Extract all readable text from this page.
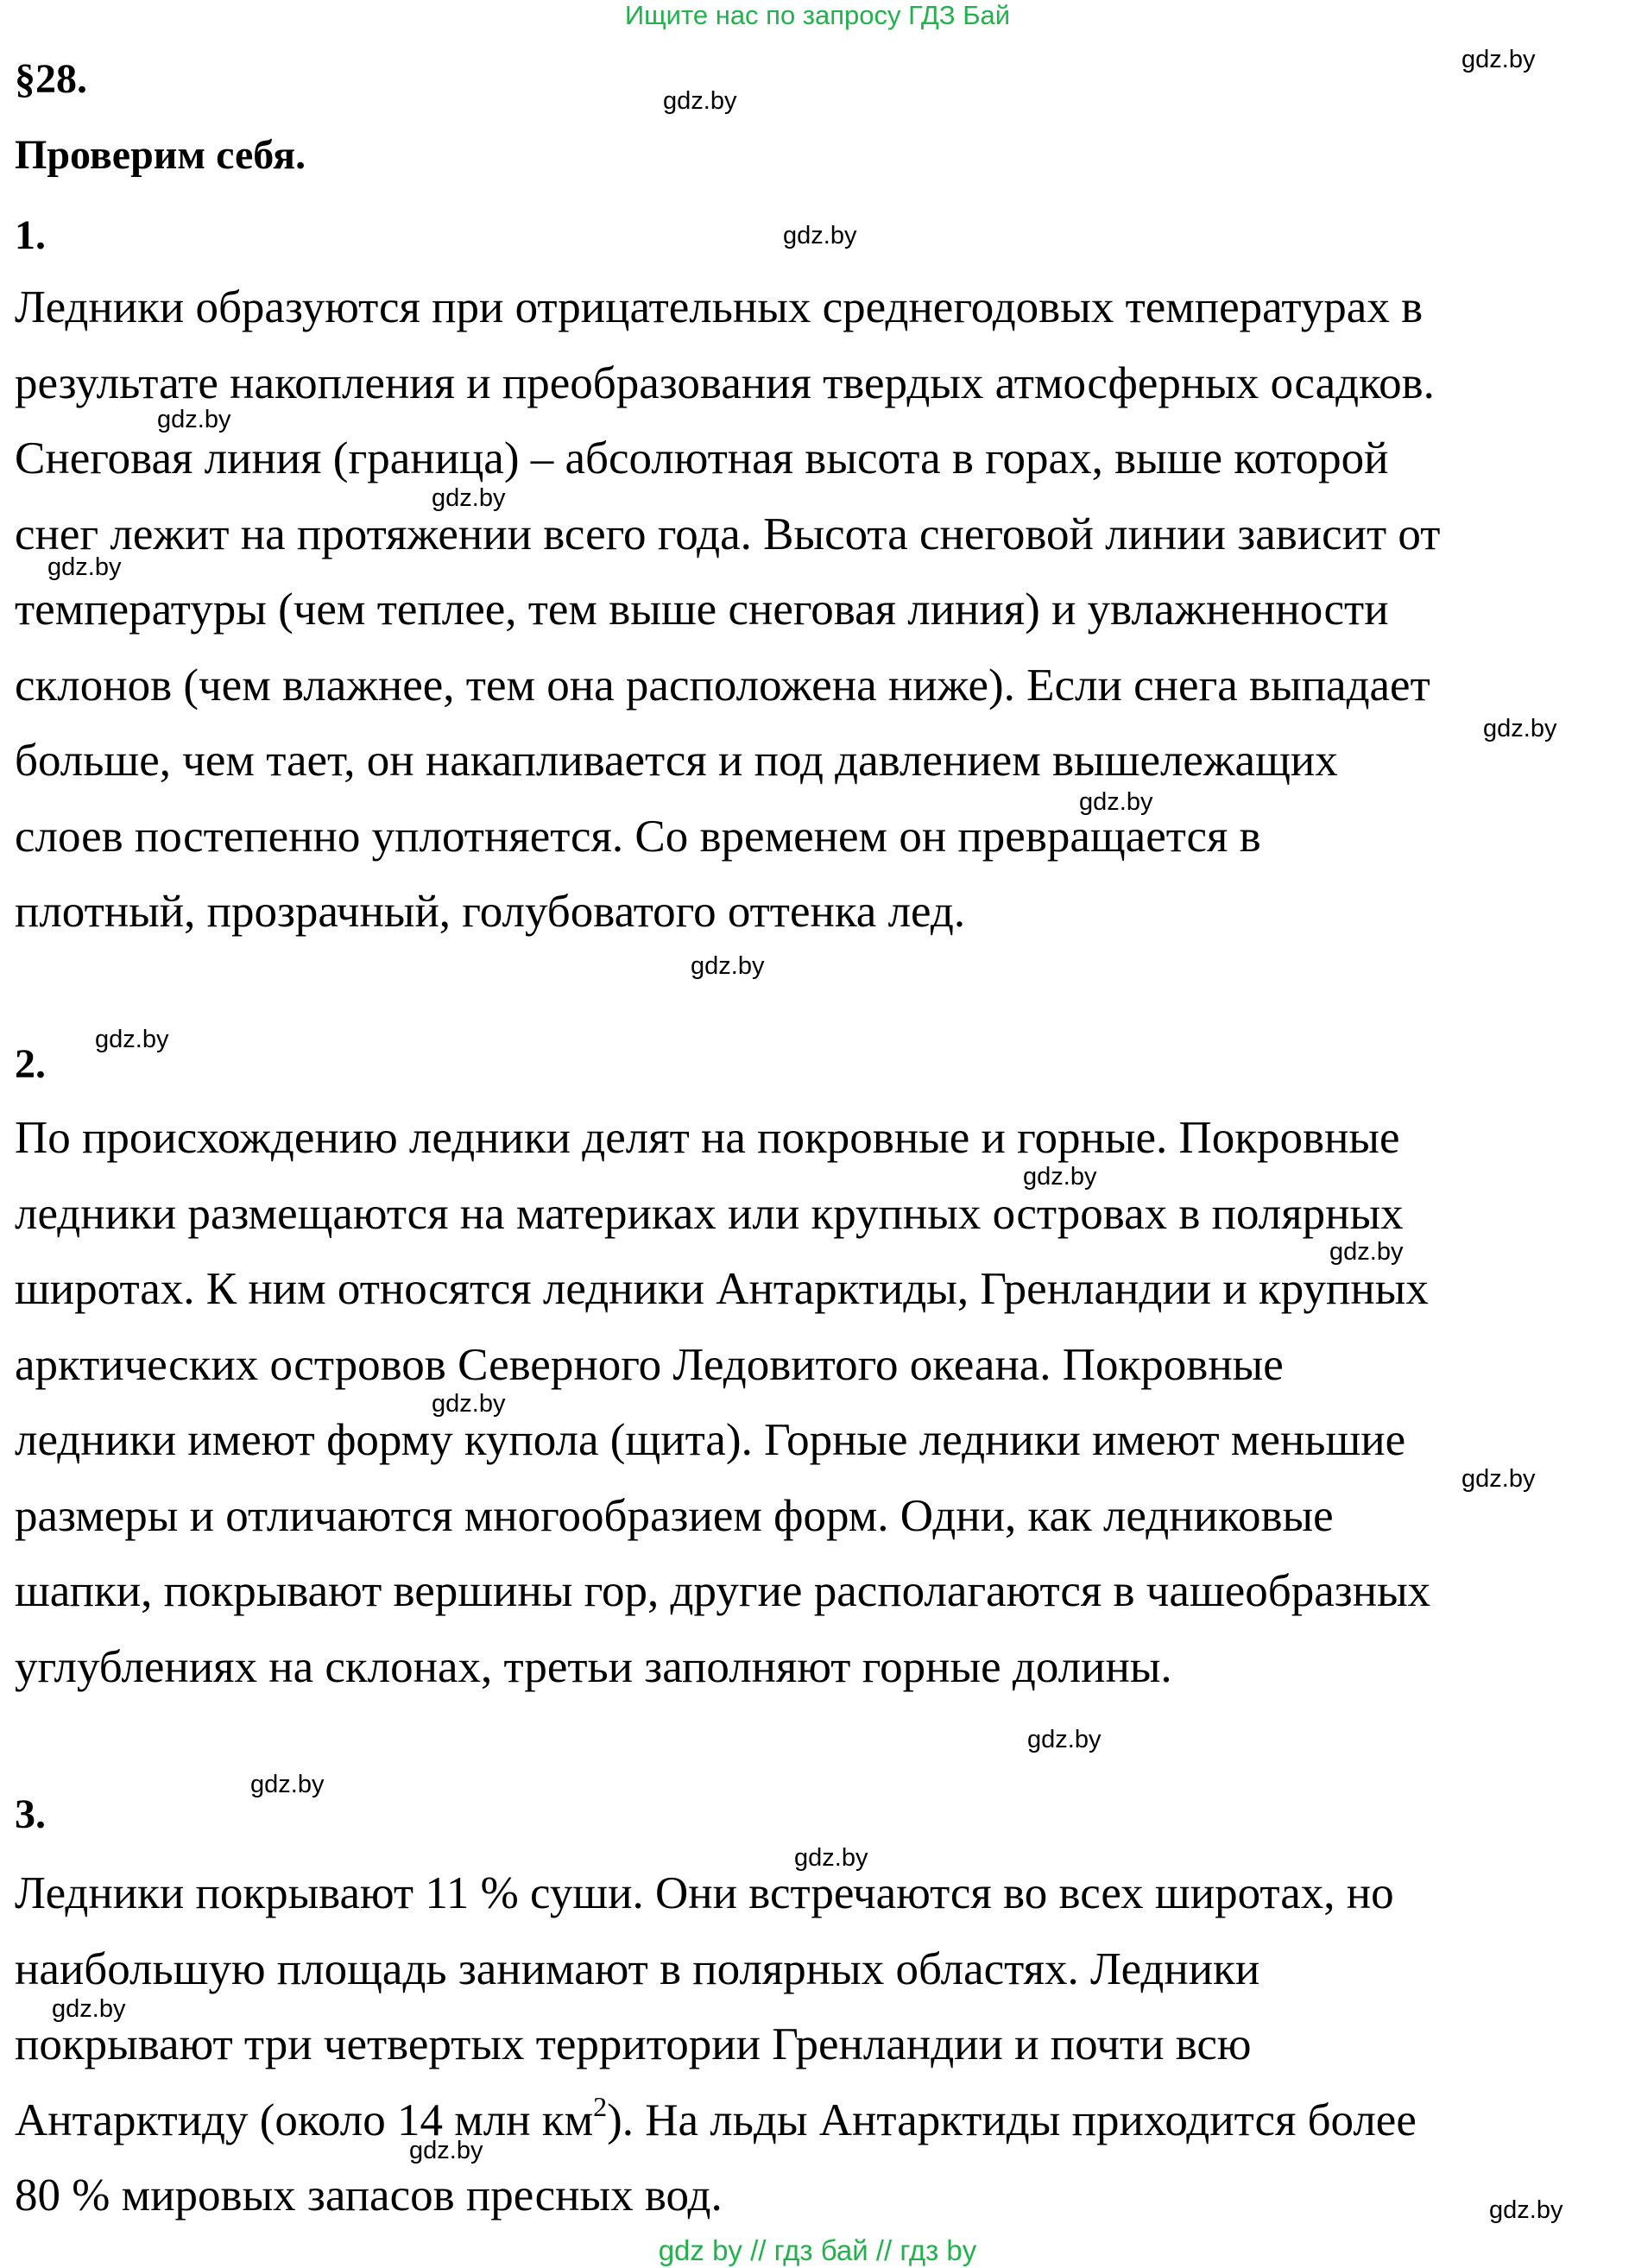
Ищите нас по запросу ГДЗ Бай
§28.
Проверим себя.
1.
Ледники образуются при отрицательных среднегодовых температурах в
результате накопления и преобразования твердых атмосферных осадков.
Снеговая линия (граница) – абсолютная высота в горах, выше которой
снег лежит на протяжении всего года. Высота снеговой линии зависит от
температуры (чем теплее, тем выше снеговая линия) и увлажненности
склонов (чем влажнее, тем она расположена ниже). Если снега выпадает
больше, чем тает, он накапливается и под давлением вышележащих
слоев постепенно уплотняется. Со временем он превращается в
плотный, прозрачный, голубоватого оттенка лед.
2.
По происхождению ледники делят на покровные и горные. Покровные
ледники размещаются на материках или крупных островах в полярных
широтах. К ним относятся ледники Антарктиды, Гренландии и крупных
арктических островов Северного Ледовитого океана. Покровные
ледники имеют форму купола (щита). Горные ледники имеют меньшие
размеры и отличаются многообразием форм. Одни, как ледниковые
шапки, покрывают вершины гор, другие располагаются в чашеобразных
углублениях на склонах, третьи заполняют горные долины.
3.
Ледники покрывают 11 % суши. Они встречаются во всех широтах, но
наибольшую площадь занимают в полярных областях. Ледники
покрывают три четвертых территории Гренландии и почти всю
Антарктиду (около 14 млн $км^2$). На льды Антарктиды приходится более
80 % мировых запасов пресных вод.
gdz.by
gdz.by
gdz.by
gdz.by
gdz.by
gdz.by
gdz.by
gdz.by
gdz.by
gdz.by
gdz.by
gdz.by
gdz.by
gdz.by
gdz.by
gdz.by
gdz.by
gdz.by
gdz.by
gdz.by
gdz by // гдз бай // гдз by
